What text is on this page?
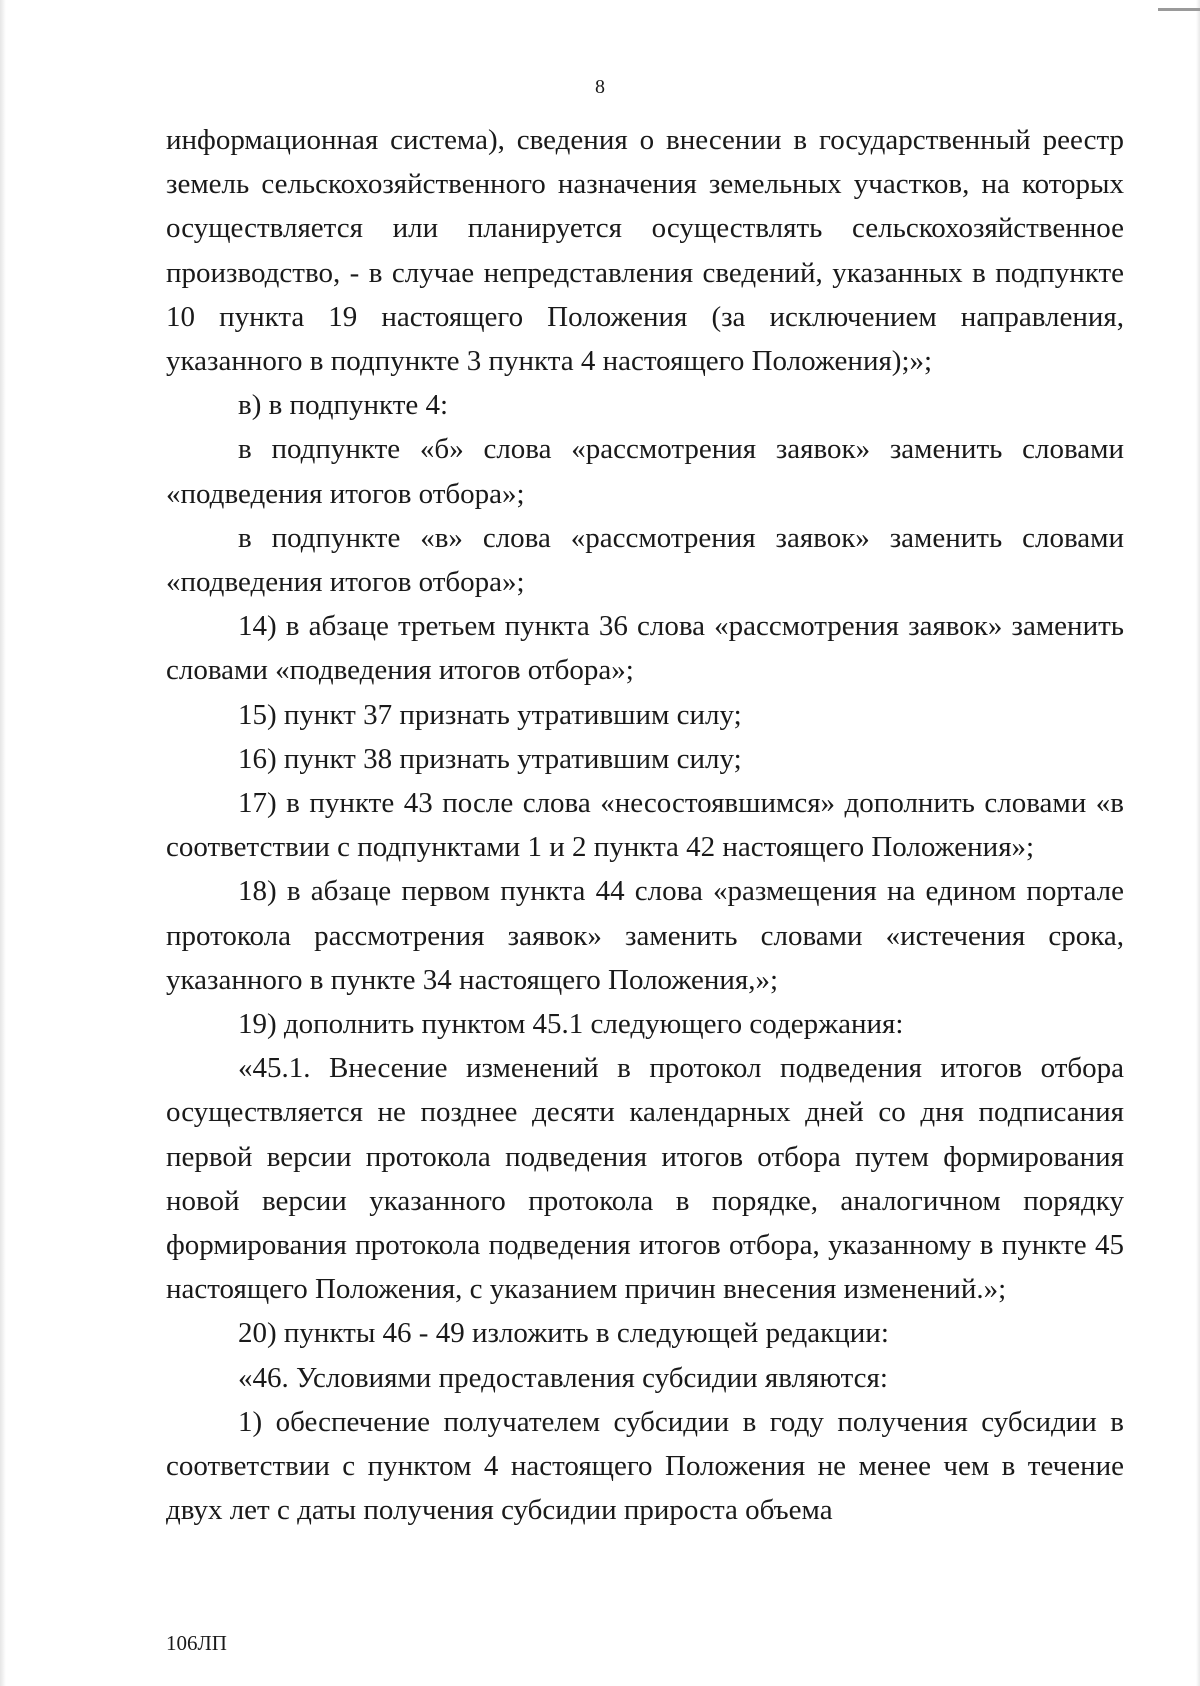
8

информационная система), сведения о внесении в государственный реестр земель сельскохозяйственного назначения земельных участков, на которых осуществляется или планируется осуществлять сельскохозяйственное производство, - в случае непредставления сведений, указанных в подпункте 10 пункта 19 настоящего Положения (за исключением направления, указанного в подпункте 3 пункта 4 настоящего Положения);»;

в) в подпункте 4:

в подпункте «б» слова «рассмотрения заявок» заменить словами «подведения итогов отбора»;

в подпункте «в» слова «рассмотрения заявок» заменить словами «подведения итогов отбора»;

14) в абзаце третьем пункта 36 слова «рассмотрения заявок» заменить словами «подведения итогов отбора»;

15) пункт 37 признать утратившим силу;

16) пункт 38 признать утратившим силу;

17) в пункте 43 после слова «несостоявшимся» дополнить словами «в соответствии с подпунктами 1 и 2 пункта 42 настоящего Положения»;

18) в абзаце первом пункта 44 слова «размещения на едином портале протокола рассмотрения заявок» заменить словами «истечения срока, указанного в пункте 34 настоящего Положения,»;

19) дополнить пунктом 45.1 следующего содержания:

«45.1. Внесение изменений в протокол подведения итогов отбора осуществляется не позднее десяти календарных дней со дня подписания первой версии протокола подведения итогов отбора путем формирования новой версии указанного протокола в порядке, аналогичном порядку формирования протокола подведения итогов отбора, указанному в пункте 45 настоящего Положения, с указанием причин внесения изменений.»;

20) пункты 46 - 49 изложить в следующей редакции:

«46. Условиями предоставления субсидии являются:

1) обеспечение получателем субсидии в году получения субсидии в соответствии с пунктом 4 настоящего Положения не менее чем в течение двух лет с даты получения субсидии прироста объема

106ЛП
